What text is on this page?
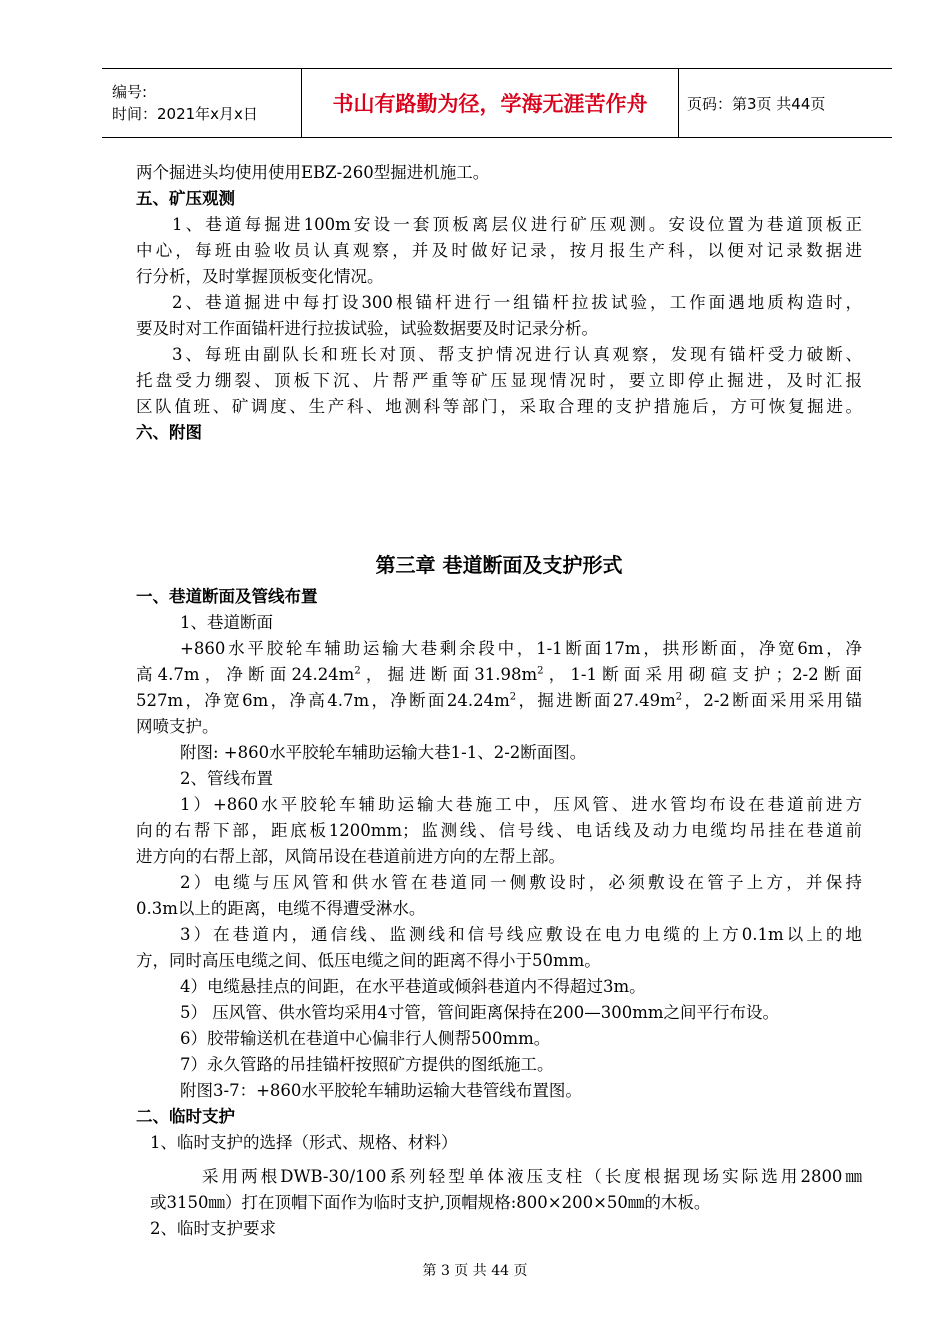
编号:
时间：2021年x月x日	书山有路勤为径，学海无涯苦作舟	页码：第3页 共44页
两个掘进头均使用使用EBZ-260型掘进机施工。
五、矿压观测
1、巷道每掘进100m安设一套顶板离层仪进行矿压观测。安设位置为巷道顶板正
中心，每班由验收员认真观察，并及时做好记录，按月报生产科，以便对记录数据进
行分析，及时掌握顶板变化情况。
2、巷道掘进中每打设300根锚杆进行一组锚杆拉拔试验，工作面遇地质构造时，
要及时对工作面锚杆进行拉拔试验，试验数据要及时记录分析。
3、每班由副队长和班长对顶、帮支护情况进行认真观察，发现有锚杆受力破断、
托盘受力绷裂、顶板下沉、片帮严重等矿压显现情况时，要立即停止掘进，及时汇报
区队值班、矿调度、生产科、地测科等部门，采取合理的支护措施后，方可恢复掘进。
六、附图
第三章 巷道断面及支护形式
一、巷道断面及管线布置
1、巷道断面
+860水平胶轮车辅助运输大巷剩余段中，1-1断面17m，拱形断面，净宽6m，净
高4.7m，净断面$24.24m^2$，掘进断面$31.98m^2$，1-1断面采用砌碹支护；2-2断面
527m，净宽6m，净高4.7m，净断面$24.24m^2$，掘进断面$27.49m^2$，2-2断面采用采用锚
网喷支护。
附图: +860水平胶轮车辅助运输大巷1-1、2-2断面图。
2、管线布置
1）+860水平胶轮车辅助运输大巷施工中，压风管、进水管均布设在巷道前进方
向的右帮下部，距底板1200mm；监测线、信号线、电话线及动力电缆均吊挂在巷道前
进方向的右帮上部，风筒吊设在巷道前进方向的左帮上部。
2）电缆与压风管和供水管在巷道同一侧敷设时，必须敷设在管子上方，并保持
0.3m以上的距离，电缆不得遭受淋水。
3）在巷道内，通信线、监测线和信号线应敷设在电力电缆的上方0.1m以上的地
方，同时高压电缆之间、低压电缆之间的距离不得小于50mm。
4）电缆悬挂点的间距，在水平巷道或倾斜巷道内不得超过3m。
5） 压风管、供水管均采用4寸管，管间距离保持在200—300mm之间平行布设。
6）胶带输送机在巷道中心偏非行人侧帮500mm。
7）永久管路的吊挂锚杆按照矿方提供的图纸施工。
附图3-7：+860水平胶轮车辅助运输大巷管线布置图。
二、临时支护
1、临时支护的选择（形式、规格、材料）
采用两根DWB-30/100系列轻型单体液压支柱（长度根据现场实际选用2800㎜
或3150㎜）打在顶帽下面作为临时支护,顶帽规格:800×200×50㎜的木板。
2、临时支护要求
第 3 页 共 44 页
